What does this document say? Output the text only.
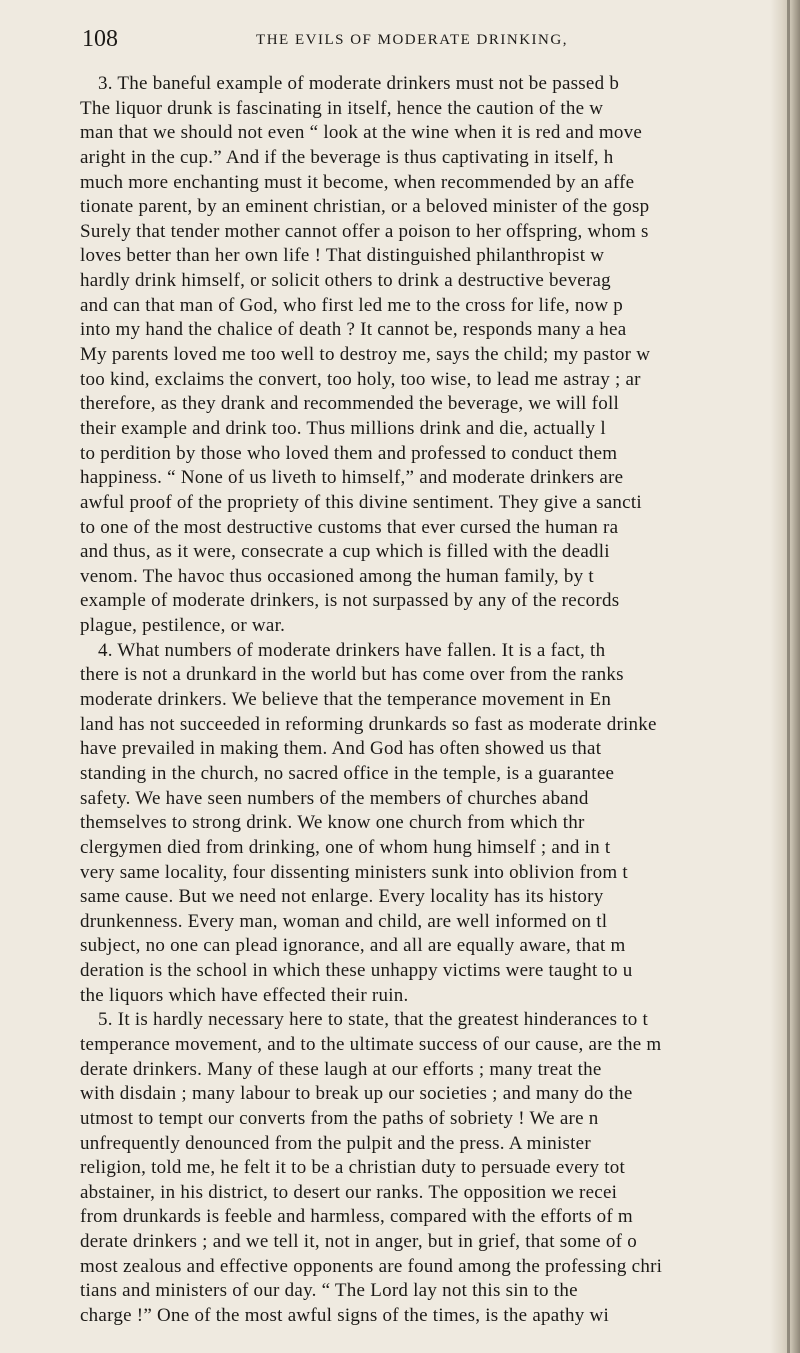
108	THE EVILS OF MODERATE DRINKING,
3. The baneful example of moderate drinkers must not be passed b
The liquor drunk is fascinating in itself, hence the caution of the w
man that we should not even “ look at the wine when it is red and move
aright in the cup.” And if the beverage is thus captivating in itself, h
much more enchanting must it become, when recommended by an affe
tionate parent, by an eminent christian, or a beloved minister of the gosp
Surely that tender mother cannot offer a poison to her offspring, whom s
loves better than her own life ! That distinguished philanthropist w
hardly drink himself, or solicit others to drink a destructive beverag
and can that man of God, who first led me to the cross for life, now p
into my hand the chalice of death ? It cannot be, responds many a hea
My parents loved me too well to destroy me, says the child; my pastor w
too kind, exclaims the convert, too holy, too wise, to lead me astray ; ar
therefore, as they drank and recommended the beverage, we will foll
their example and drink too. Thus millions drink and die, actually l
to perdition by those who loved them and professed to conduct them
happiness. “ None of us liveth to himself,” and moderate drinkers are
awful proof of the propriety of this divine sentiment. They give a sancti
to one of the most destructive customs that ever cursed the human ra
and thus, as it were, consecrate a cup which is filled with the deadli
venom. The havoc thus occasioned among the human family, by t
example of moderate drinkers, is not surpassed by any of the records
plague, pestilence, or war.
4. What numbers of moderate drinkers have fallen. It is a fact, th
there is not a drunkard in the world but has come over from the ranks
moderate drinkers. We believe that the temperance movement in En
land has not succeeded in reforming drunkards so fast as moderate drinke
have prevailed in making them. And God has often showed us that
standing in the church, no sacred office in the temple, is a guarantee
safety. We have seen numbers of the members of churches aband
themselves to strong drink. We know one church from which thr
clergymen died from drinking, one of whom hung himself ; and in t
very same locality, four dissenting ministers sunk into oblivion from t
same cause. But we need not enlarge. Every locality has its history
drunkenness. Every man, woman and child, are well informed on tl
subject, no one can plead ignorance, and all are equally aware, that m
deration is the school in which these unhappy victims were taught to u
the liquors which have effected their ruin.
5. It is hardly necessary here to state, that the greatest hinderances to t
temperance movement, and to the ultimate success of our cause, are the m
derate drinkers. Many of these laugh at our efforts ; many treat the
with disdain ; many labour to break up our societies ; and many do the
utmost to tempt our converts from the paths of sobriety ! We are n
unfrequently denounced from the pulpit and the press. A minister
religion, told me, he felt it to be a christian duty to persuade every tot
abstainer, in his district, to desert our ranks. The opposition we recei
from drunkards is feeble and harmless, compared with the efforts of m
derate drinkers ; and we tell it, not in anger, but in grief, that some of o
most zealous and effective opponents are found among the professing chri
tians and ministers of our day. “ The Lord lay not this sin to the
charge !” One of the most awful signs of the times, is the apathy wi
